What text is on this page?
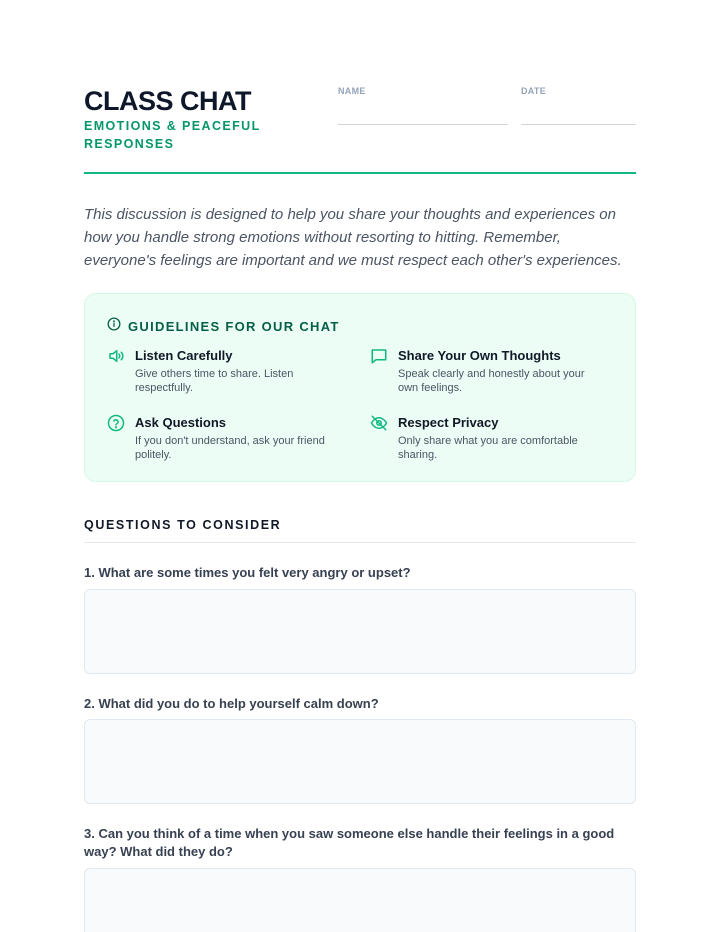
CLASS CHAT
EMOTIONS & PEACEFUL RESPONSES
NAME	DATE

This discussion is designed to help you share your thoughts and experiences on how you handle strong emotions without resorting to hitting. Remember, everyone's feelings are important and we must respect each other's experiences.

GUIDELINES FOR OUR CHAT
Listen Carefully
Give others time to share. Listen respectfully.
Share Your Own Thoughts
Speak clearly and honestly about your own feelings.
Ask Questions
If you don't understand, ask your friend politely.
Respect Privacy
Only share what you are comfortable sharing.
QUESTIONS TO CONSIDER
1. What are some times you felt very angry or upset?
2. What did you do to help yourself calm down?
3. Can you think of a time when you saw someone else handle their feelings in a good way? What did they do?
